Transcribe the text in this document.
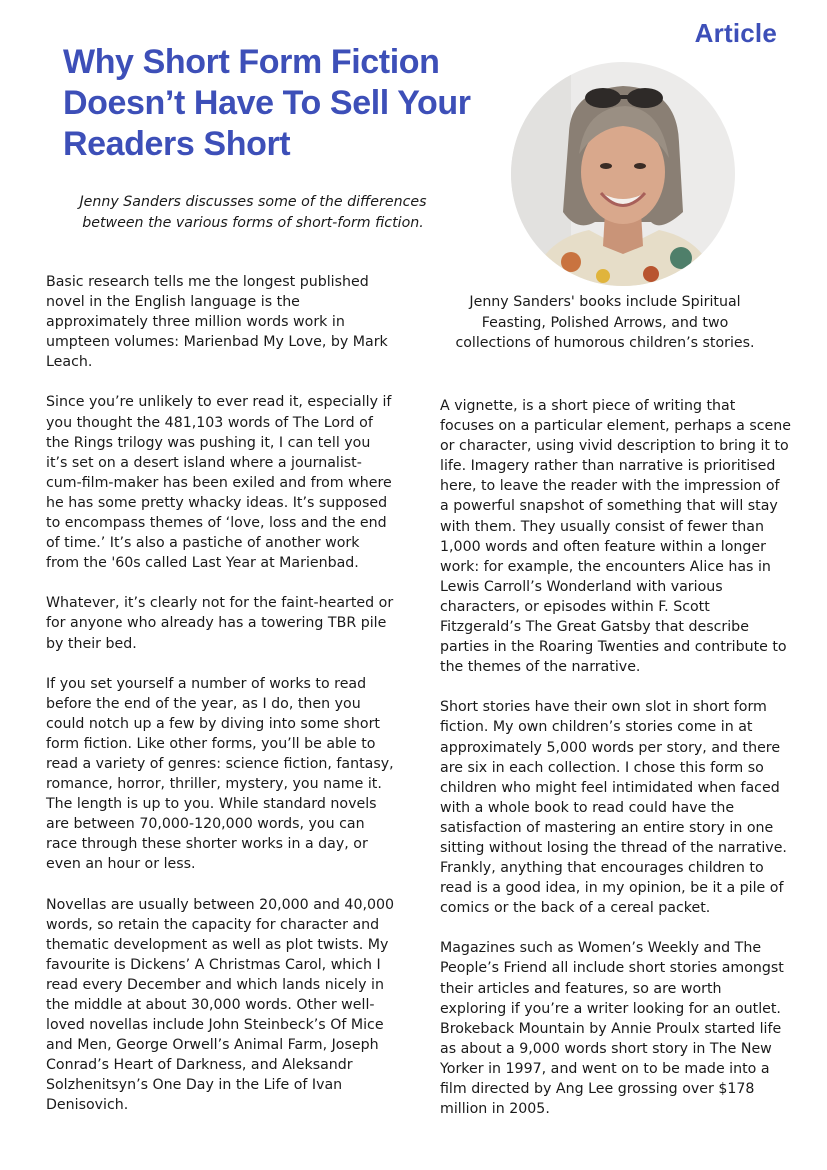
Article
Why Short Form Fiction Doesn’t Have To Sell Your Readers Short

Jenny Sanders discusses some of the differences between the various forms of short-form fiction.

Jenny Sanders' books include Spiritual Feasting, Polished Arrows, and two collections of humorous children’s stories.

Basic research tells me the longest published novel in the English language is the approximately three million words work in umpteen volumes: Marienbad My Love, by Mark Leach.

Since you’re unlikely to ever read it, especially if you thought the 481,103 words of The Lord of the Rings trilogy was pushing it, I can tell you it’s set on a desert island where a journalist-cum-film-maker has been exiled and from where he has some pretty whacky ideas. It’s supposed to encompass themes of ‘love, loss and the end of time.’ It’s also a pastiche of another work from the '60s called Last Year at Marienbad.

Whatever, it’s clearly not for the faint-hearted or for anyone who already has a towering TBR pile by their bed.

If you set yourself a number of works to read before the end of the year, as I do, then you could notch up a few by diving into some short form fiction. Like other forms, you’ll be able to read a variety of genres: science fiction, fantasy, romance, horror, thriller, mystery, you name it. The length is up to you. While standard novels are between 70,000-120,000 words, you can race through these shorter works in a day, or even an hour or less.

Novellas are usually between 20,000 and 40,000 words, so retain the capacity for character and thematic development as well as plot twists. My favourite is Dickens’ A Christmas Carol, which I read every December and which lands nicely in the middle at about 30,000 words. Other well-loved novellas include John Steinbeck’s Of Mice and Men, George Orwell’s Animal Farm, Joseph Conrad’s Heart of Darkness, and Aleksandr Solzhenitsyn’s One Day in the Life of Ivan Denisovich.

A vignette, is a short piece of writing that focuses on a particular element, perhaps a scene or character, using vivid description to bring it to life. Imagery rather than narrative is prioritised here, to leave the reader with the impression of a powerful snapshot of something that will stay with them. They usually consist of fewer than 1,000 words and often feature within a longer work: for example, the encounters Alice has in Lewis Carroll’s Wonderland with various characters, or episodes within F. Scott Fitzgerald’s The Great Gatsby that describe parties in the Roaring Twenties and contribute to the themes of the narrative.

Short stories have their own slot in short form fiction. My own children’s stories come in at approximately 5,000 words per story, and there are six in each collection. I chose this form so children who might feel intimidated when faced with a whole book to read could have the satisfaction of mastering an entire story in one sitting without losing the thread of the narrative. Frankly, anything that encourages children to read is a good idea, in my opinion, be it a pile of comics or the back of a cereal packet.

Magazines such as Women’s Weekly and The People’s Friend all include short stories amongst their articles and features, so are worth exploring if you’re a writer looking for an outlet. Brokeback Mountain by Annie Proulx started life as about a 9,000 words short story in The New Yorker in 1997, and went on to be made into a film directed by Ang Lee grossing over $178 million in 2005.
